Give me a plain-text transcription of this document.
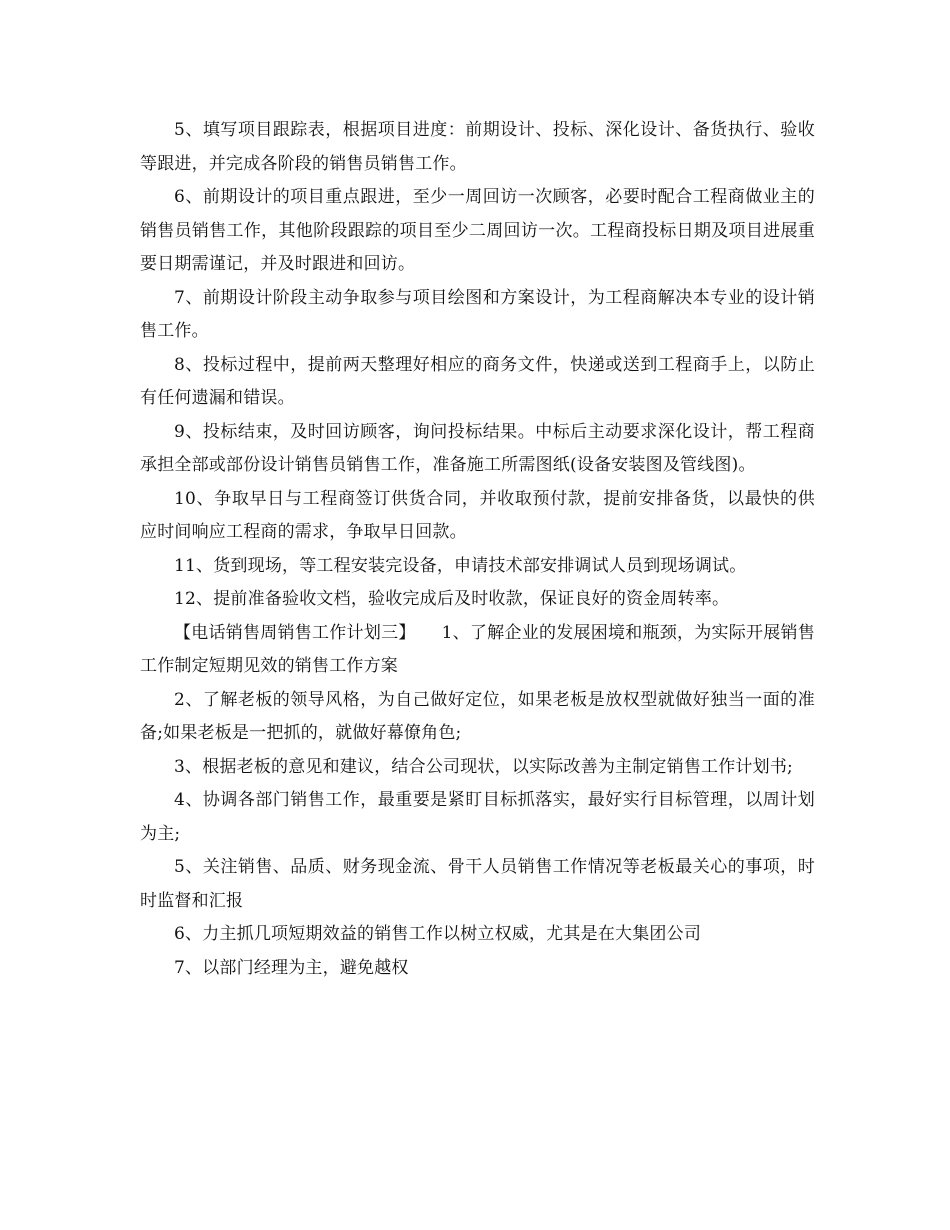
5、填写项目跟踪表，根据项目进度：前期设计、投标、深化设计、备货执行、验收等跟进，并完成各阶段的销售员销售工作。

6、前期设计的项目重点跟进，至少一周回访一次顾客，必要时配合工程商做业主的销售员销售工作，其他阶段跟踪的项目至少二周回访一次。工程商投标日期及项目进展重要日期需谨记，并及时跟进和回访。

7、前期设计阶段主动争取参与项目绘图和方案设计，为工程商解决本专业的设计销售工作。

8、投标过程中，提前两天整理好相应的商务文件，快递或送到工程商手上，以防止有任何遗漏和错误。

9、投标结束，及时回访顾客，询问投标结果。中标后主动要求深化设计，帮工程商承担全部或部份设计销售员销售工作，准备施工所需图纸(设备安装图及管线图)。

10、争取早日与工程商签订供货合同，并收取预付款，提前安排备货，以最快的供应时间响应工程商的需求，争取早日回款。

11、货到现场，等工程安装完设备，申请技术部安排调试人员到现场调试。

12、提前准备验收文档，验收完成后及时收款，保证良好的资金周转率。

【电话销售周销售工作计划三】　　1、了解企业的发展困境和瓶颈，为实际开展销售工作制定短期见效的销售工作方案

2、了解老板的领导风格，为自己做好定位，如果老板是放权型就做好独当一面的准备;如果老板是一把抓的，就做好幕僚角色;

3、根据老板的意见和建议，结合公司现状，以实际改善为主制定销售工作计划书;

4、协调各部门销售工作，最重要是紧盯目标抓落实，最好实行目标管理，以周计划为主;

5、关注销售、品质、财务现金流、骨干人员销售工作情况等老板最关心的事项，时时监督和汇报

6、力主抓几项短期效益的销售工作以树立权威，尤其是在大集团公司

7、以部门经理为主，避免越权
